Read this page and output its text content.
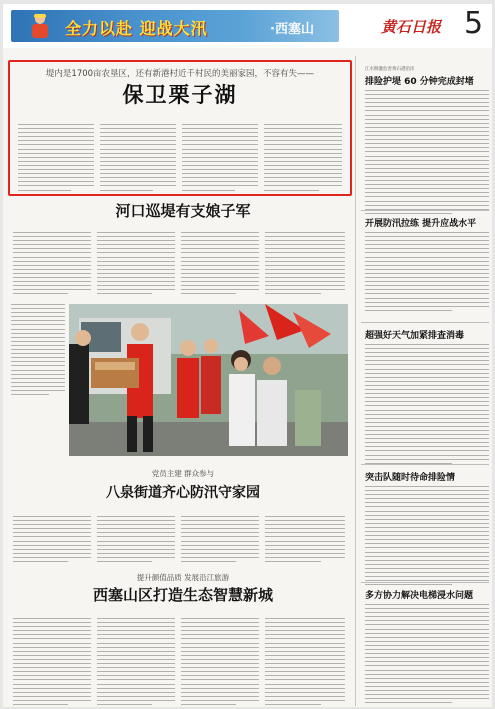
全力以赴 迎战大汛	·西塞山	黄石日报 5
堤内是1700亩农垦区，还有新港村近千村民的美丽家园，不容有失——
保卫栗子湖
河口巡堤有支娘子军
党员主建 群众参与
八泉街道齐心防汛守家园
提升颜值品质 发展沿江旅游
西塞山区打造生态智慧新城
江水倒灌危害黄石港沿岸
排险护堤 60 分钟完成封堵
开展防汛拉练 提升应战水平
超强好天气加紧排查消毒
突击队随时待命排险情
多方协力解决电梯浸水问题
